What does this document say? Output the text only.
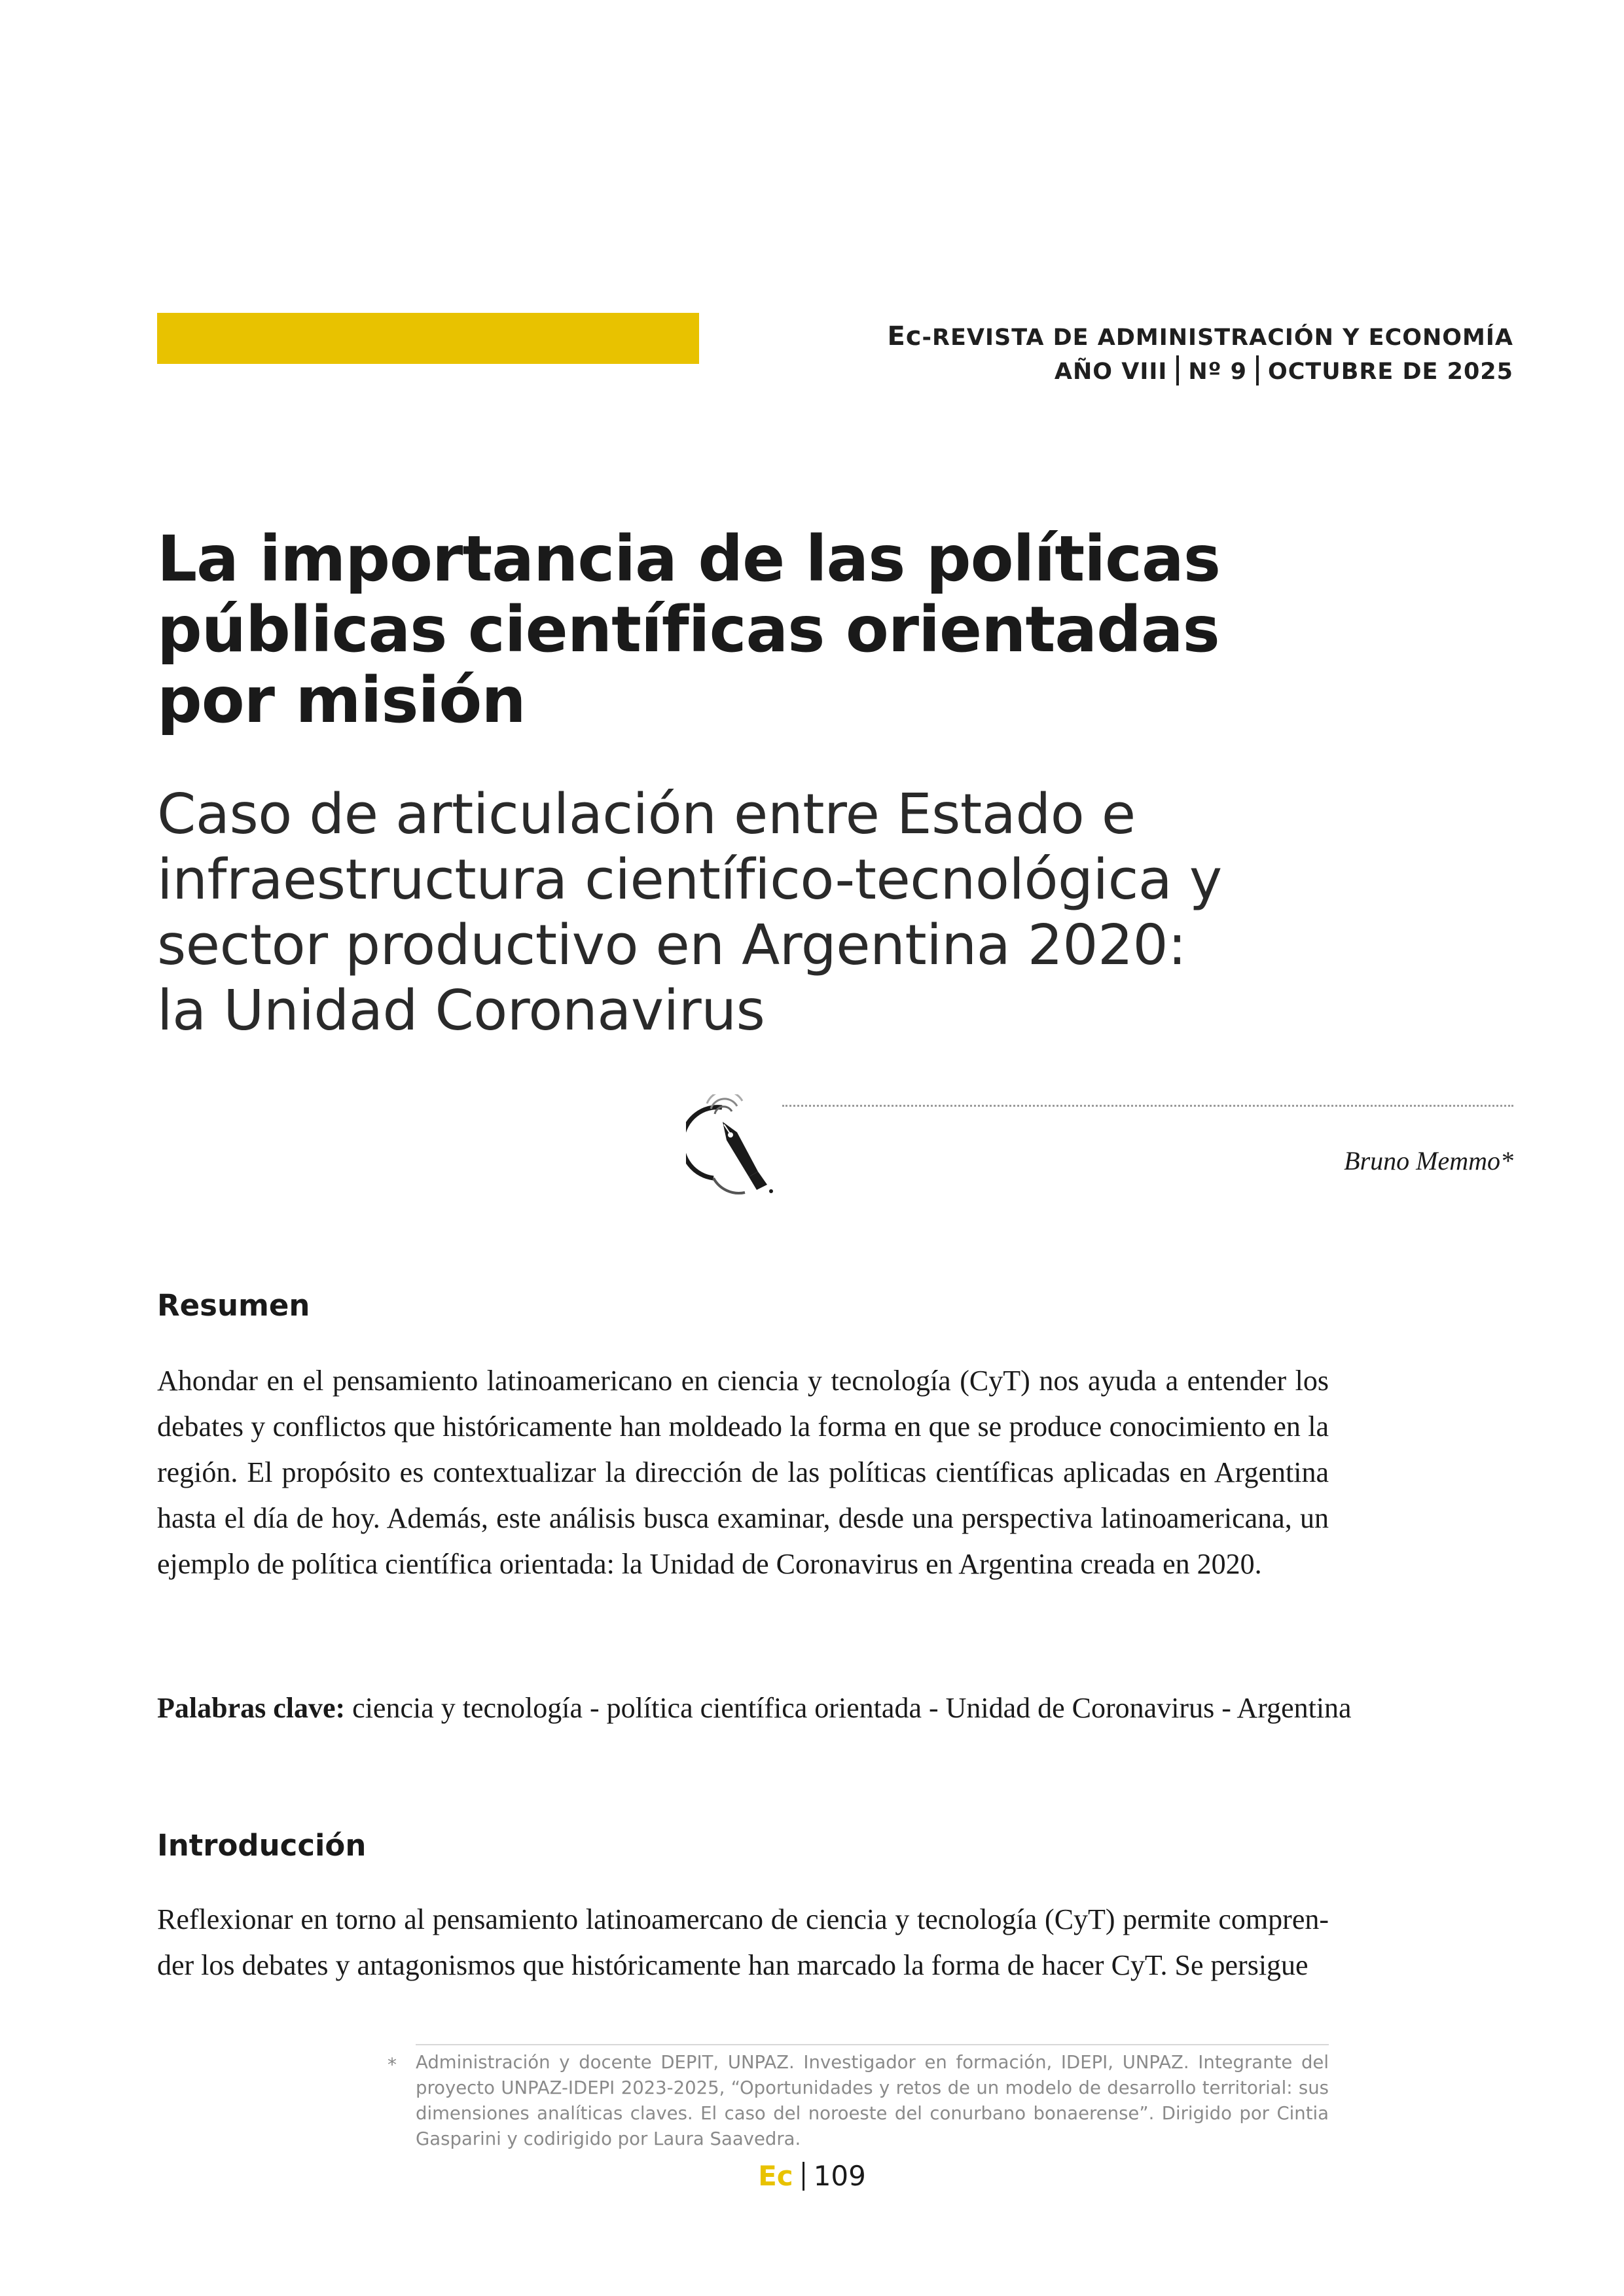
Ec-REVISTA DE ADMINISTRACIÓN Y ECONOMÍA
AÑO VIII Nº 9 OCTUBRE DE 2025
La importancia de las políticas
públicas científicas orientadas
por misión
Caso de articulación entre Estado e
infraestructura científico-tecnológica y
sector productivo en Argentina 2020:
la Unidad Coronavirus
Bruno Memmo*
Resumen

Ahondar en el pensamiento latinoamericano en ciencia y tecnología (CyT) nos ayuda a entender los debates y conflictos que históricamente han moldeado la forma en que se produce conocimiento en la región. El propósito es contextualizar la dirección de las políticas científicas aplicadas en Argentina hasta el día de hoy. Además, este análisis busca examinar, desde una perspectiva latinoamericana, un ejemplo de política científica orientada: la Unidad de Coronavirus en Argentina creada en 2020.

Palabras clave: ciencia y tecnología - política científica orientada - Unidad de Coronavirus - Argentina

Introducción

Reflexionar en torno al pensamiento latinoamercano de ciencia y tecnología (CyT) permite comprender los debates y antagonismos que históricamente han marcado la forma de hacer CyT. Se persigue

* Administración y docente DEPIT, UNPAZ. Investigador en formación, IDEPI, UNPAZ. Integrante del proyecto UNPAZ-IDEPI 2023-2025, “Oportunidades y retos de un modelo de desarrollo territorial: sus dimensiones analíticas claves. El caso del noroeste del conurbano bonaerense”. Dirigido por Cintia Gasparini y codirigido por Laura Saavedra.

Ec 109
